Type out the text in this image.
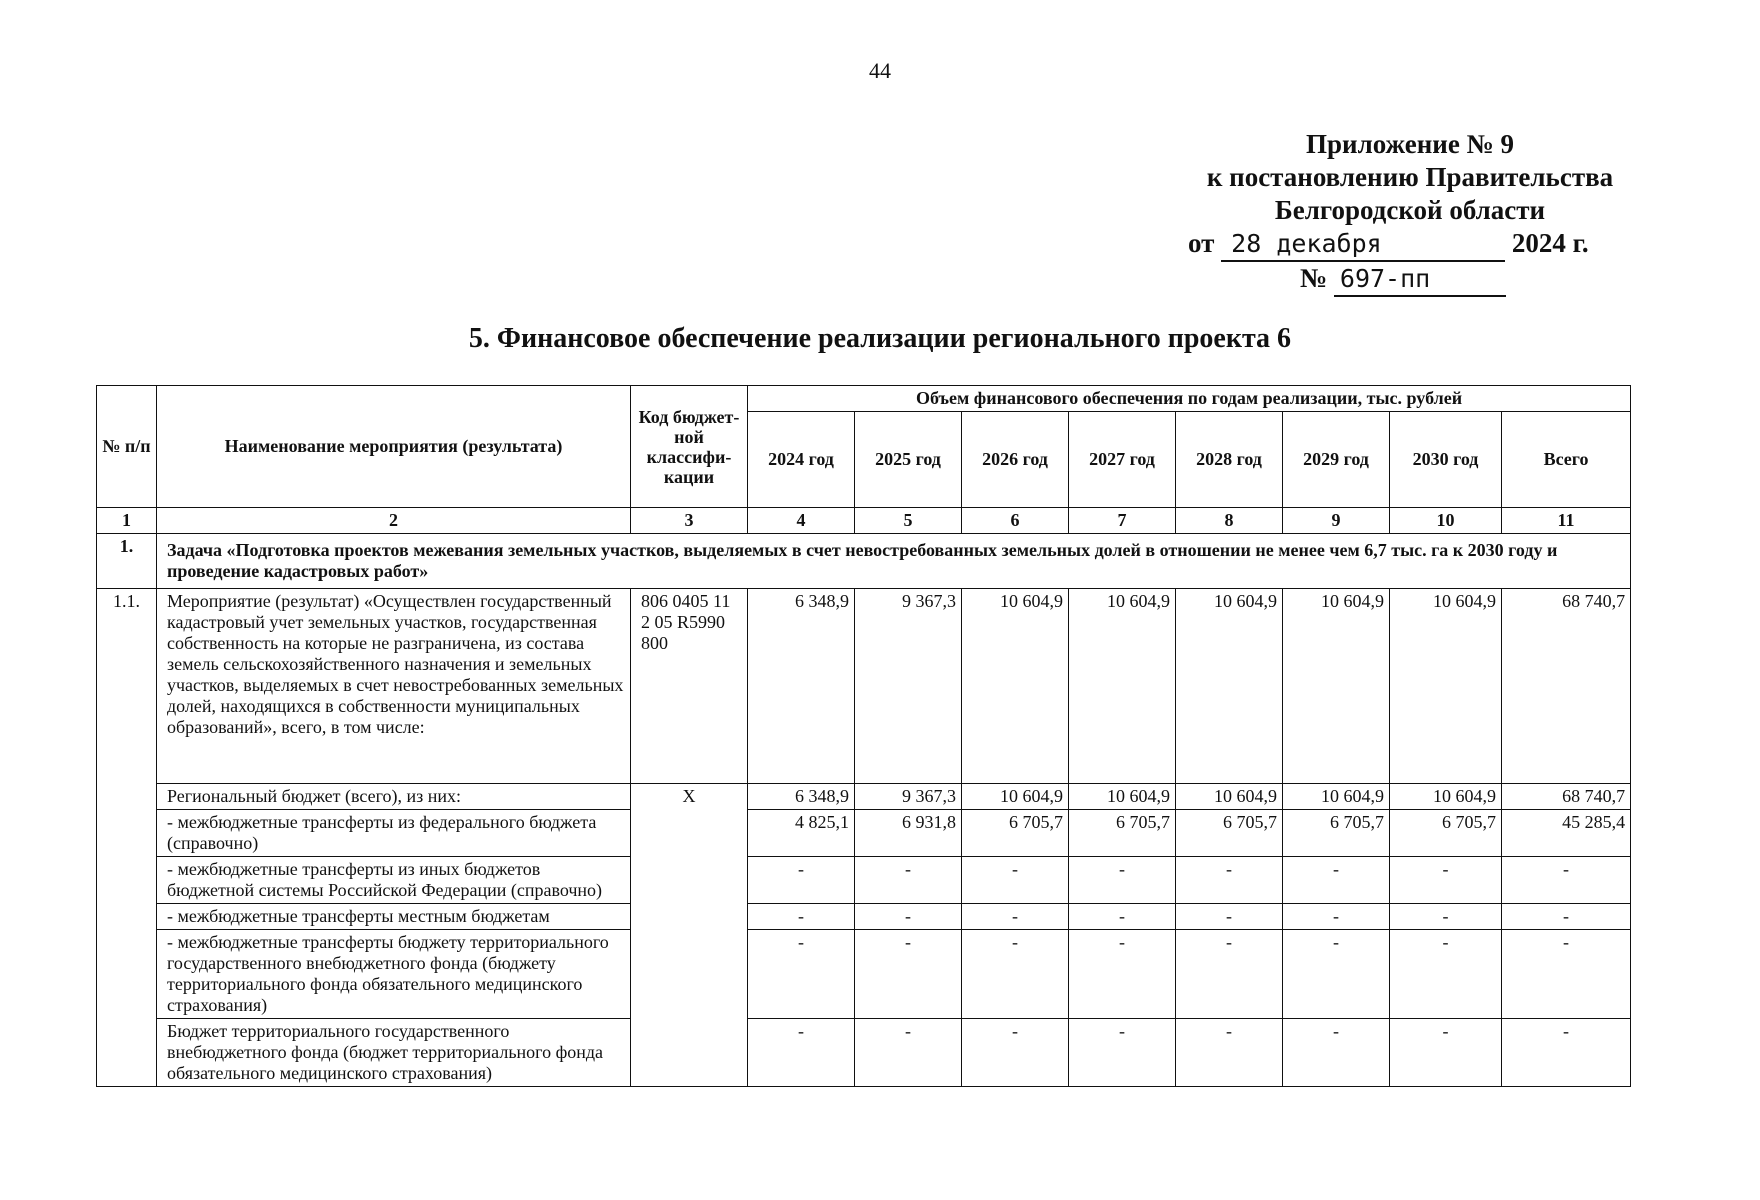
44
Приложение № 9
к постановлению Правительства
Белгородской области
от 28 декабря	2024 г.
№ 697-пп
5. Финансовое обеспечение реализации регионального проекта 6
№ п/п	Наименование мероприятия (результата)	Код бюджет-ной классифи-кации	Объем финансового обеспечения по годам реализации, тыс. рублей							
			2024 год	2025 год	2026 год	2027 год	2028 год	2029 год	2030 год	Всего
1	2	3	4	5	6	7	8	9	10	11
1.	Задача «Подготовка проектов межевания земельных участков, выделяемых в счет невостребованных земельных долей в отношении не менее чем 6,7 тыс. га к 2030 году и проведение кадастровых работ»									
1.1.	Мероприятие (результат) «Осуществлен государственный кадастровый учет земельных участков, государственная собственность на которые не разграничена, из состава земель сельскохозяйственного назначения и земельных участков, выделяемых в счет невостребованных земельных долей, находящихся в собственности муниципальных образований», всего, в том числе:	806 0405 11 2 05 R5990 800	6 348,9	9 367,3	10 604,9	10 604,9	10 604,9	10 604,9	10 604,9	68 740,7
	Региональный бюджет (всего), из них:	X	6 348,9	9 367,3	10 604,9	10 604,9	10 604,9	10 604,9	10 604,9	68 740,7
	- межбюджетные трансферты из федерального бюджета (справочно)		4 825,1	6 931,8	6 705,7	6 705,7	6 705,7	6 705,7	6 705,7	45 285,4
	- межбюджетные трансферты из иных бюджетов бюджетной системы Российской Федерации (справочно)		-	-	-	-	-	-	-	-
	- межбюджетные трансферты местным бюджетам		-	-	-	-	-	-	-	-
	- межбюджетные трансферты бюджету территориального государственного внебюджетного фонда (бюджету территориального фонда обязательного медицинского страхования)		-	-	-	-	-	-	-	-
	Бюджет территориального государственного внебюджетного фонда (бюджет территориального фонда обязательного медицинского страхования)		-	-	-	-	-	-	-	-
